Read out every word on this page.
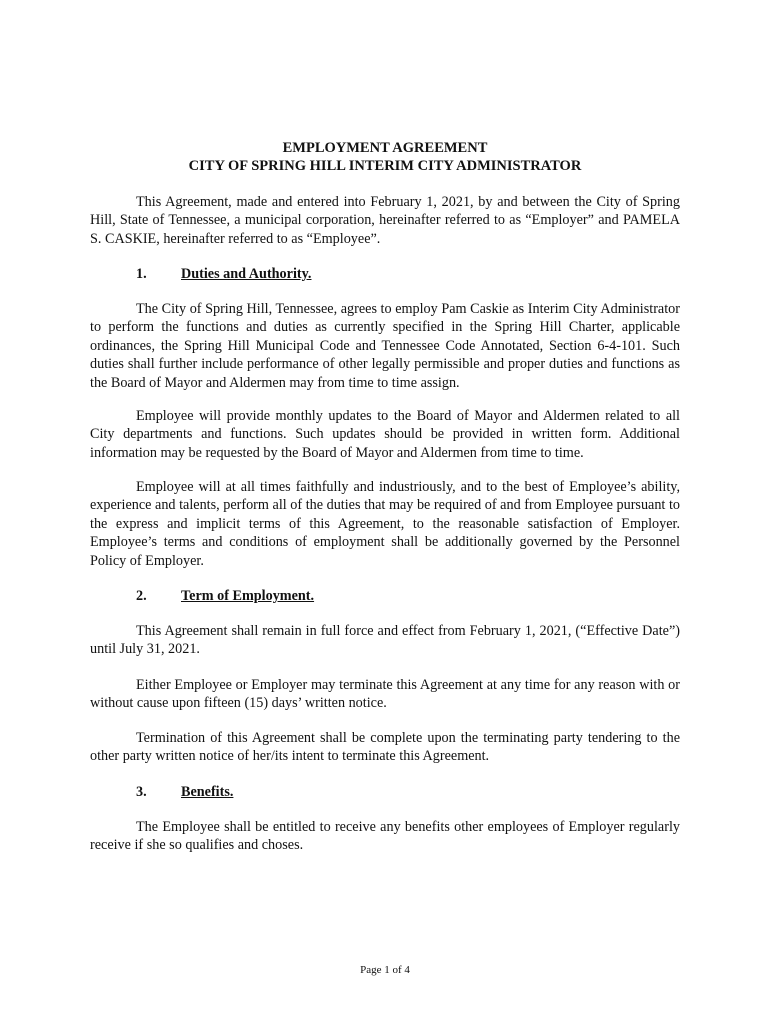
EMPLOYMENT AGREEMENT
CITY OF SPRING HILL INTERIM CITY ADMINISTRATOR
This Agreement, made and entered into February 1, 2021, by and between the City of Spring Hill, State of Tennessee, a municipal corporation, hereinafter referred to as “Employer” and PAMELA S. CASKIE, hereinafter referred to as “Employee”.
1. Duties and Authority.
The City of Spring Hill, Tennessee, agrees to employ Pam Caskie as Interim City Administrator to perform the functions and duties as currently specified in the Spring Hill Charter, applicable ordinances, the Spring Hill Municipal Code and Tennessee Code Annotated, Section 6-4-101. Such duties shall further include performance of other legally permissible and proper duties and functions as the Board of Mayor and Aldermen may from time to time assign.
Employee will provide monthly updates to the Board of Mayor and Aldermen related to all City departments and functions. Such updates should be provided in written form. Additional information may be requested by the Board of Mayor and Aldermen from time to time.
Employee will at all times faithfully and industriously, and to the best of Employee’s ability, experience and talents, perform all of the duties that may be required of and from Employee pursuant to the express and implicit terms of this Agreement, to the reasonable satisfaction of Employer. Employee’s terms and conditions of employment shall be additionally governed by the Personnel Policy of Employer.
2. Term of Employment.
This Agreement shall remain in full force and effect from February 1, 2021, (“Effective Date”) until July 31, 2021.
Either Employee or Employer may terminate this Agreement at any time for any reason with or without cause upon fifteen (15) days’ written notice.
Termination of this Agreement shall be complete upon the terminating party tendering to the other party written notice of her/its intent to terminate this Agreement.
3. Benefits.
The Employee shall be entitled to receive any benefits other employees of Employer regularly receive if she so qualifies and choses.
Page 1 of 4
